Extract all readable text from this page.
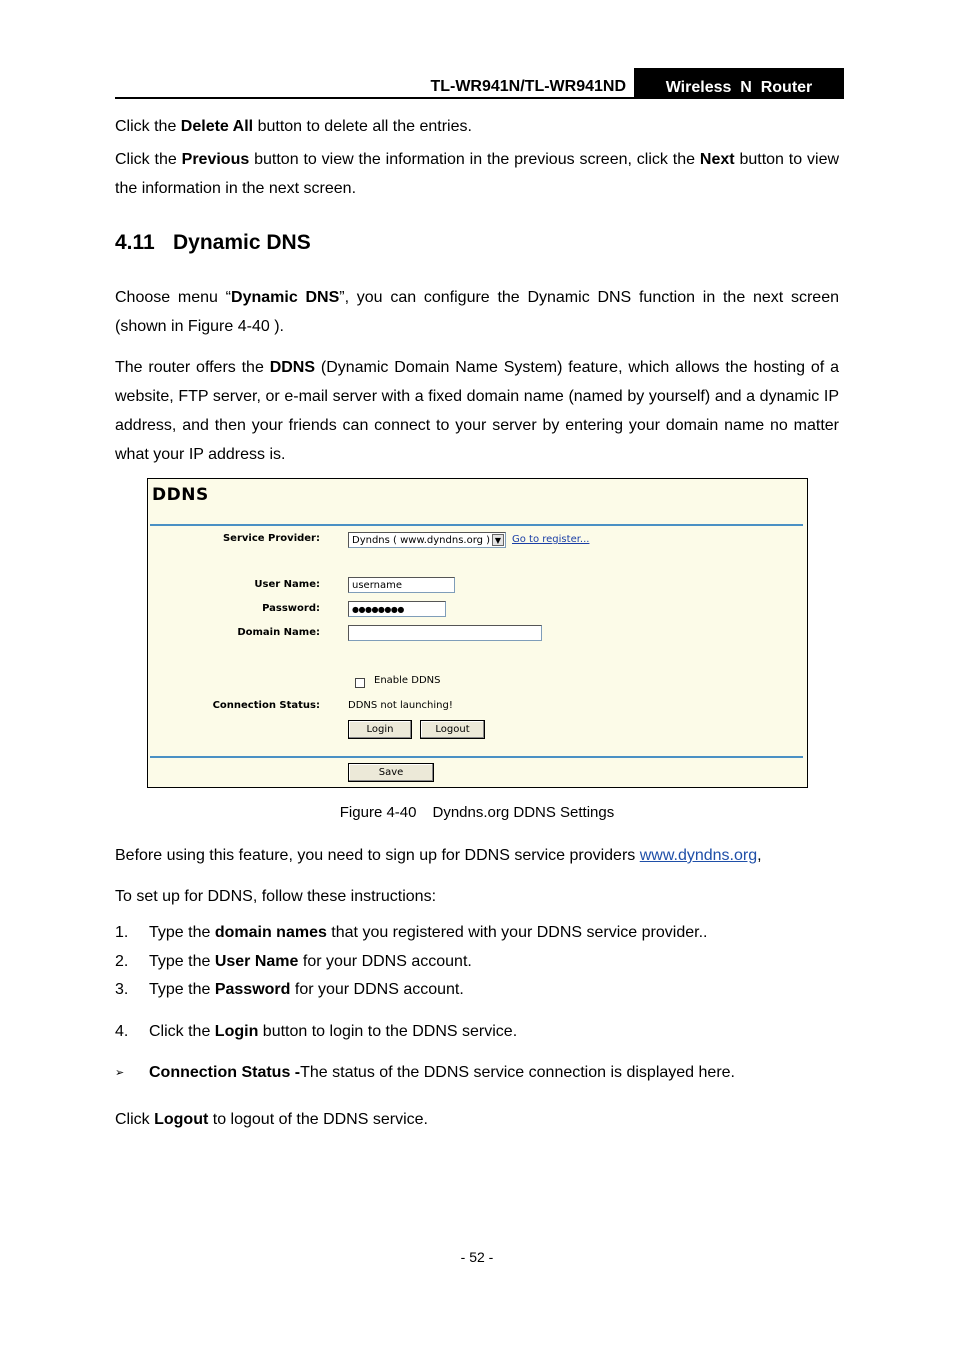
TL-WR941N/TL-WR941ND	Wireless  N  Router
Click the Delete All button to delete all the entries.
Click the Previous button to view the information in the previous screen, click the Next button to view the information in the next screen.
4.11 Dynamic DNS
Choose menu “Dynamic DNS”, you can configure the Dynamic DNS function in the next screen (shown in Figure 4-40 ).
The router offers the DDNS (Dynamic Domain Name System) feature, which allows the hosting of a website, FTP server, or e-mail server with a fixed domain name (named by yourself) and a dynamic IP address, and then your friends can connect to your server by entering your domain name no matter what your IP address is.
DDNS
Service Provider:	Dyndns ( www.dyndns.org ) ▼ Go to register...
User Name:	username
Password:	●●●●●●●●
Domain Name:
Enable DDNS
Connection Status:	DDNS not launching!
Login	Logout
Save
Figure 4-40 Dyndns.org DDNS Settings
Before using this feature, you need to sign up for DDNS service providers www.dyndns.org,
To set up for DDNS, follow these instructions:
1. Type the domain names that you registered with your DDNS service provider..
2. Type the User Name for your DDNS account.
3. Type the Password for your DDNS account.
4. Click the Login button to login to the DDNS service.
➢ Connection Status -The status of the DDNS service connection is displayed here.
Click Logout to logout of the DDNS service.
- 52 -
